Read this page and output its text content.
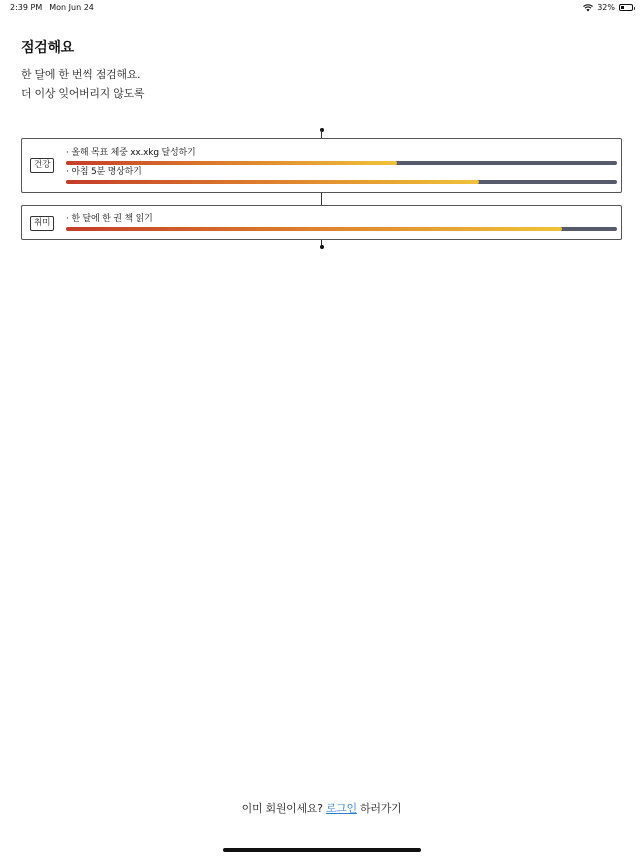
2:39 PM Mon Jun 24	32%
점검해요
한 달에 한 번씩 점검해요.
더 이상 잊어버리지 않도록
건강
· 올해 목표 체중 xx.xkg 달성하기
· 아침 5분 명상하기
취미	· 한 달에 한 권 책 읽기
이미 회원이세요? 로그인 하러가기
